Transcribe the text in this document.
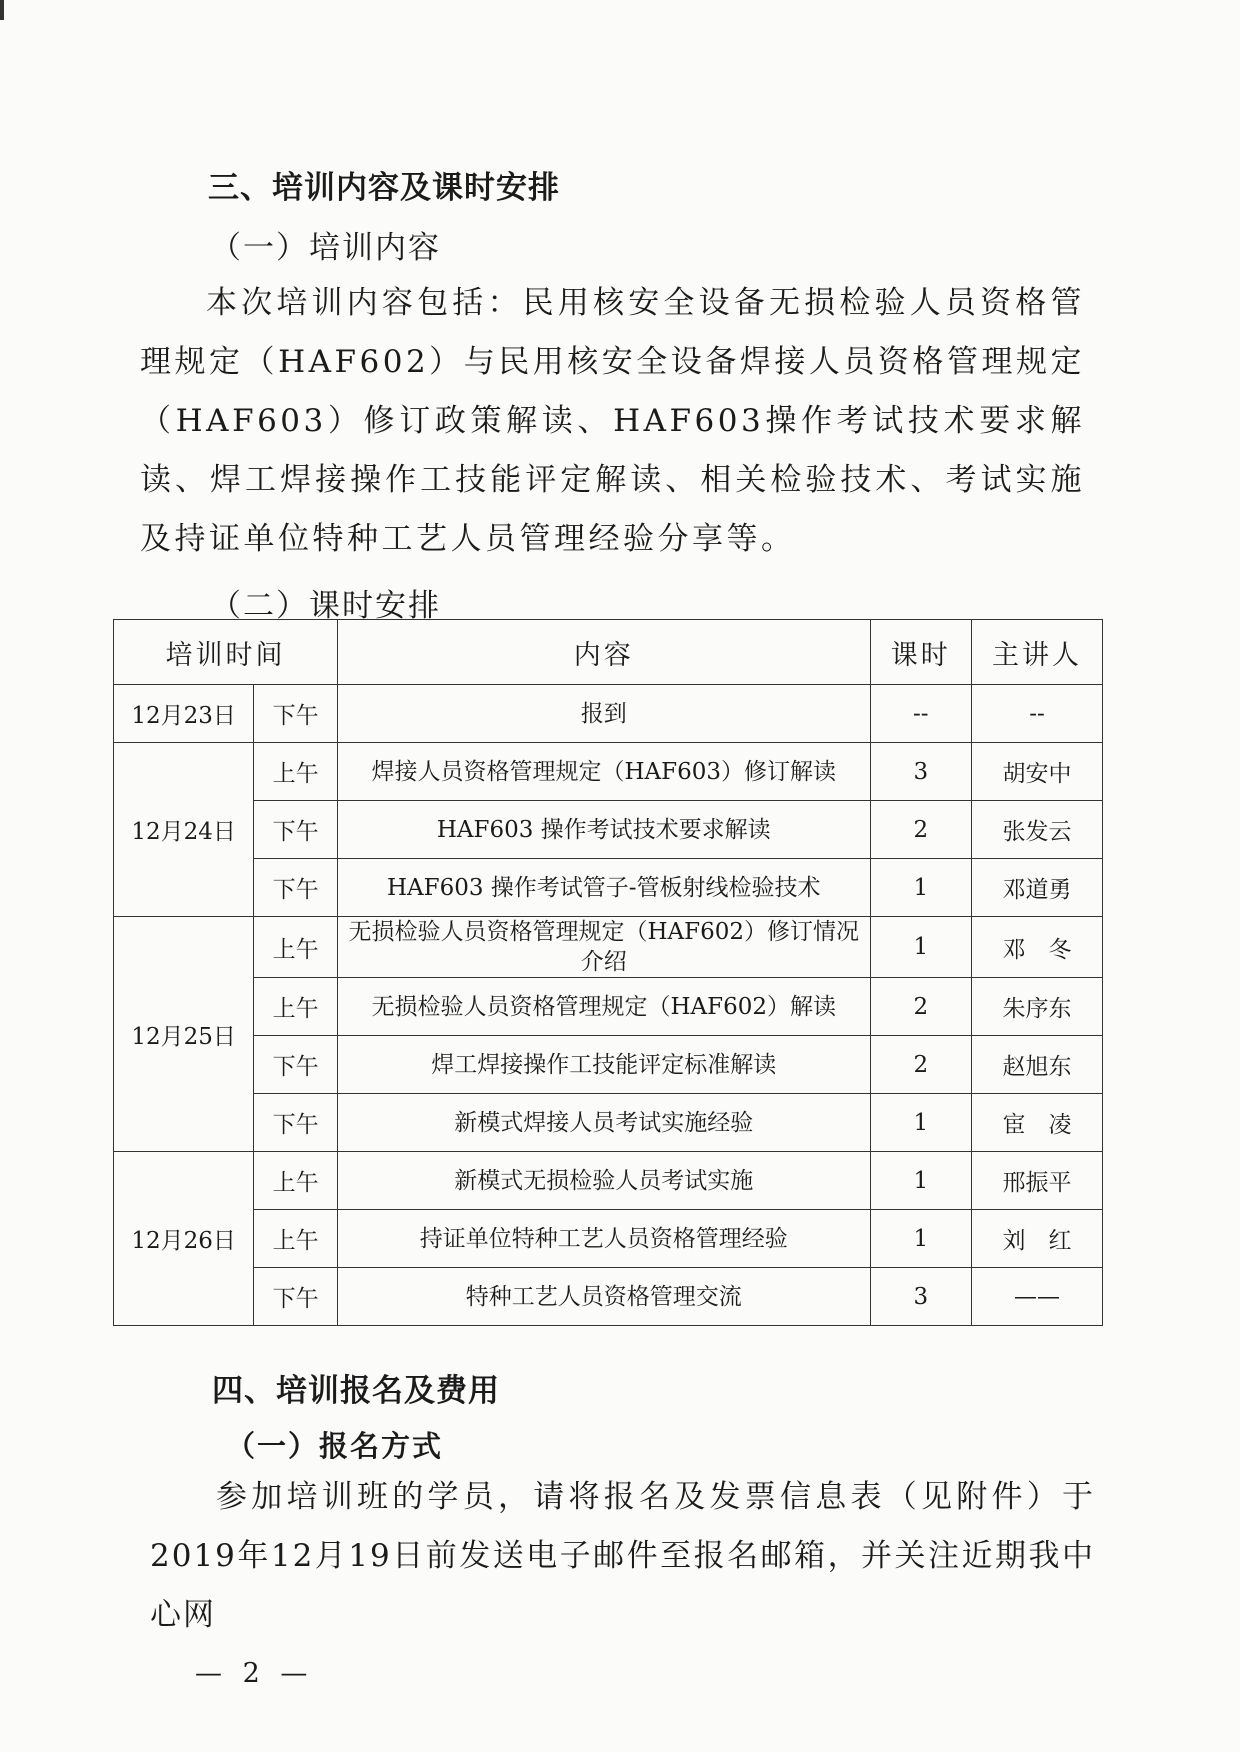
三、培训内容及课时安排
（一）培训内容

本次培训内容包括：民用核安全设备无损检验人员资格管理规定（HAF602）与民用核安全设备焊接人员资格管理规定（HAF603）修订政策解读、HAF603操作考试技术要求解读、焊工焊接操作工技能评定解读、相关检验技术、考试实施及持证单位特种工艺人员管理经验分享等。

（二）课时安排
培训时间		内容	课时	主讲人
12月23日	下午	报到	--	--
12月24日	上午	焊接人员资格管理规定（HAF603）修订解读	3	胡安中
	下午	HAF603 操作考试技术要求解读	2	张发云
	下午	HAF603 操作考试管子-管板射线检验技术	1	邓道勇
12月25日	上午	无损检验人员资格管理规定（HAF602）修订情况介绍	1	邓　冬
	上午	无损检验人员资格管理规定（HAF602）解读	2	朱序东
	下午	焊工焊接操作工技能评定标准解读	2	赵旭东
	下午	新模式焊接人员考试实施经验	1	宦　凌
12月26日	上午	新模式无损检验人员考试实施	1	邢振平
	上午	持证单位特种工艺人员资格管理经验	1	刘　红
	下午	特种工艺人员资格管理交流	3	——
四、培训报名及费用
（一）报名方式

参加培训班的学员，请将报名及发票信息表（见附件）于2019年12月19日前发送电子邮件至报名邮箱，并关注近期我中心网

— 2 —
